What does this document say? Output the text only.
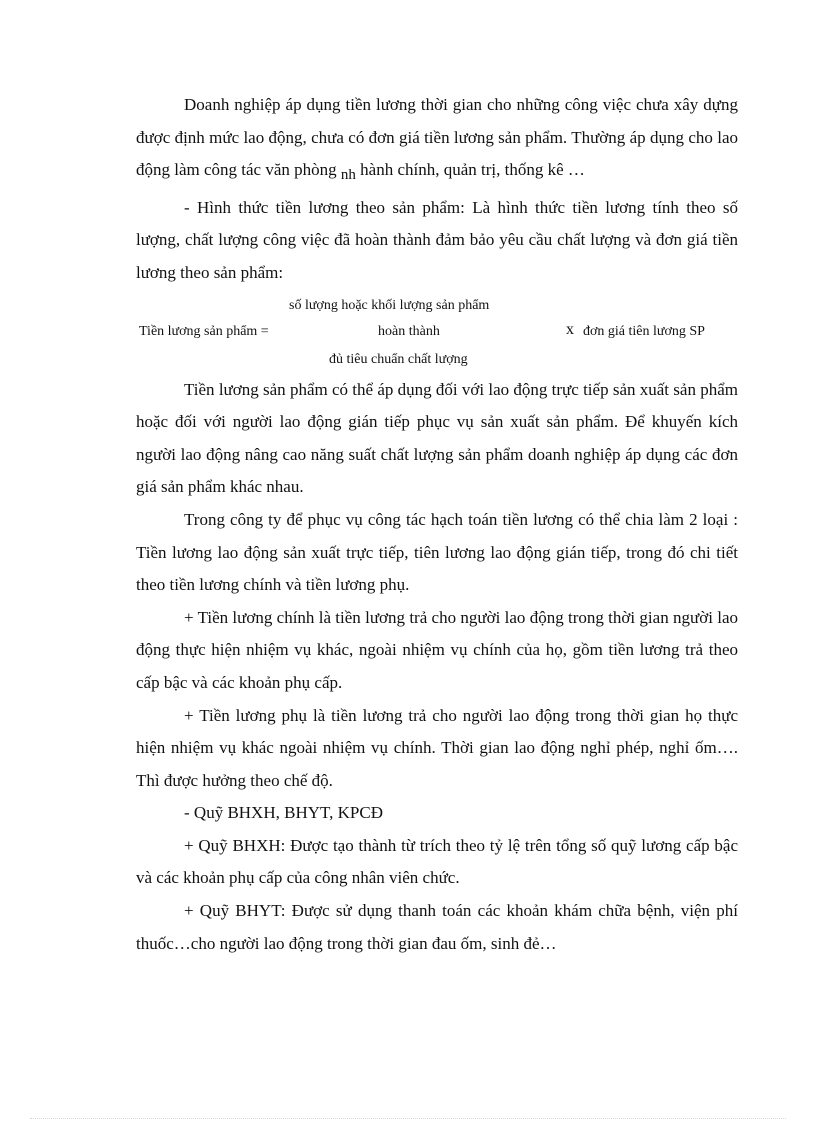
Doanh nghiệp áp dụng tiền lương thời gian cho những công việc chưa xây dựng được định mức lao động, chưa có đơn giá tiền lương sản phẩm. Thường áp dụng cho lao động làm công tác văn phòng nh hành chính, quản trị, thống kê …

- Hình thức tiền lương theo sản phẩm: Là hình thức tiền lương tính theo số lượng, chất lượng công việc đã hoàn thành đảm bảo yêu cầu chất lượng và đơn giá tiền lương theo sản phẩm:

số lượng hoặc khối lượng sản phẩm
Tiền lương sản phẩm =	hoàn thành	x đơn giá tiên lương SP
đủ tiêu chuẩn chất lượng

Tiền lương sản phẩm có thể áp dụng đối với lao động trực tiếp sản xuất sản phẩm hoặc đối với người lao động gián tiếp phục vụ sản xuất sản phẩm. Để khuyến kích người lao động nâng cao năng suất chất lượng sản phẩm doanh nghiệp áp dụng các đơn giá sản phẩm khác nhau.

Trong công ty để phục vụ công tác hạch toán tiền lương có thể chia làm 2 loại : Tiền lương lao động sản xuất trực tiếp, tiên lương lao động gián tiếp, trong đó chi tiết theo tiền lương chính và tiền lương phụ.

+ Tiền lương chính là tiền lương trả cho người lao động trong thời gian người lao động thực hiện nhiệm vụ khác, ngoài nhiệm vụ chính của họ, gồm tiền lương trả theo cấp bậc và các khoản phụ cấp.

+ Tiền lương phụ là tiền lương trả cho người lao động trong thời gian họ thực hiện nhiệm vụ khác ngoài nhiệm vụ chính. Thời gian lao động nghỉ phép, nghỉ ốm…. Thì được hưởng theo chế độ.

- Quỹ BHXH, BHYT, KPCĐ

+ Quỹ BHXH: Được tạo thành từ trích theo tỷ lệ trên tổng số quỹ lương cấp bậc và các khoản phụ cấp của công nhân viên chức.

+ Quỹ BHYT: Được sử dụng thanh toán các khoản khám chữa bệnh, viện phí thuốc…cho người lao động trong thời gian đau ốm, sinh đẻ…
